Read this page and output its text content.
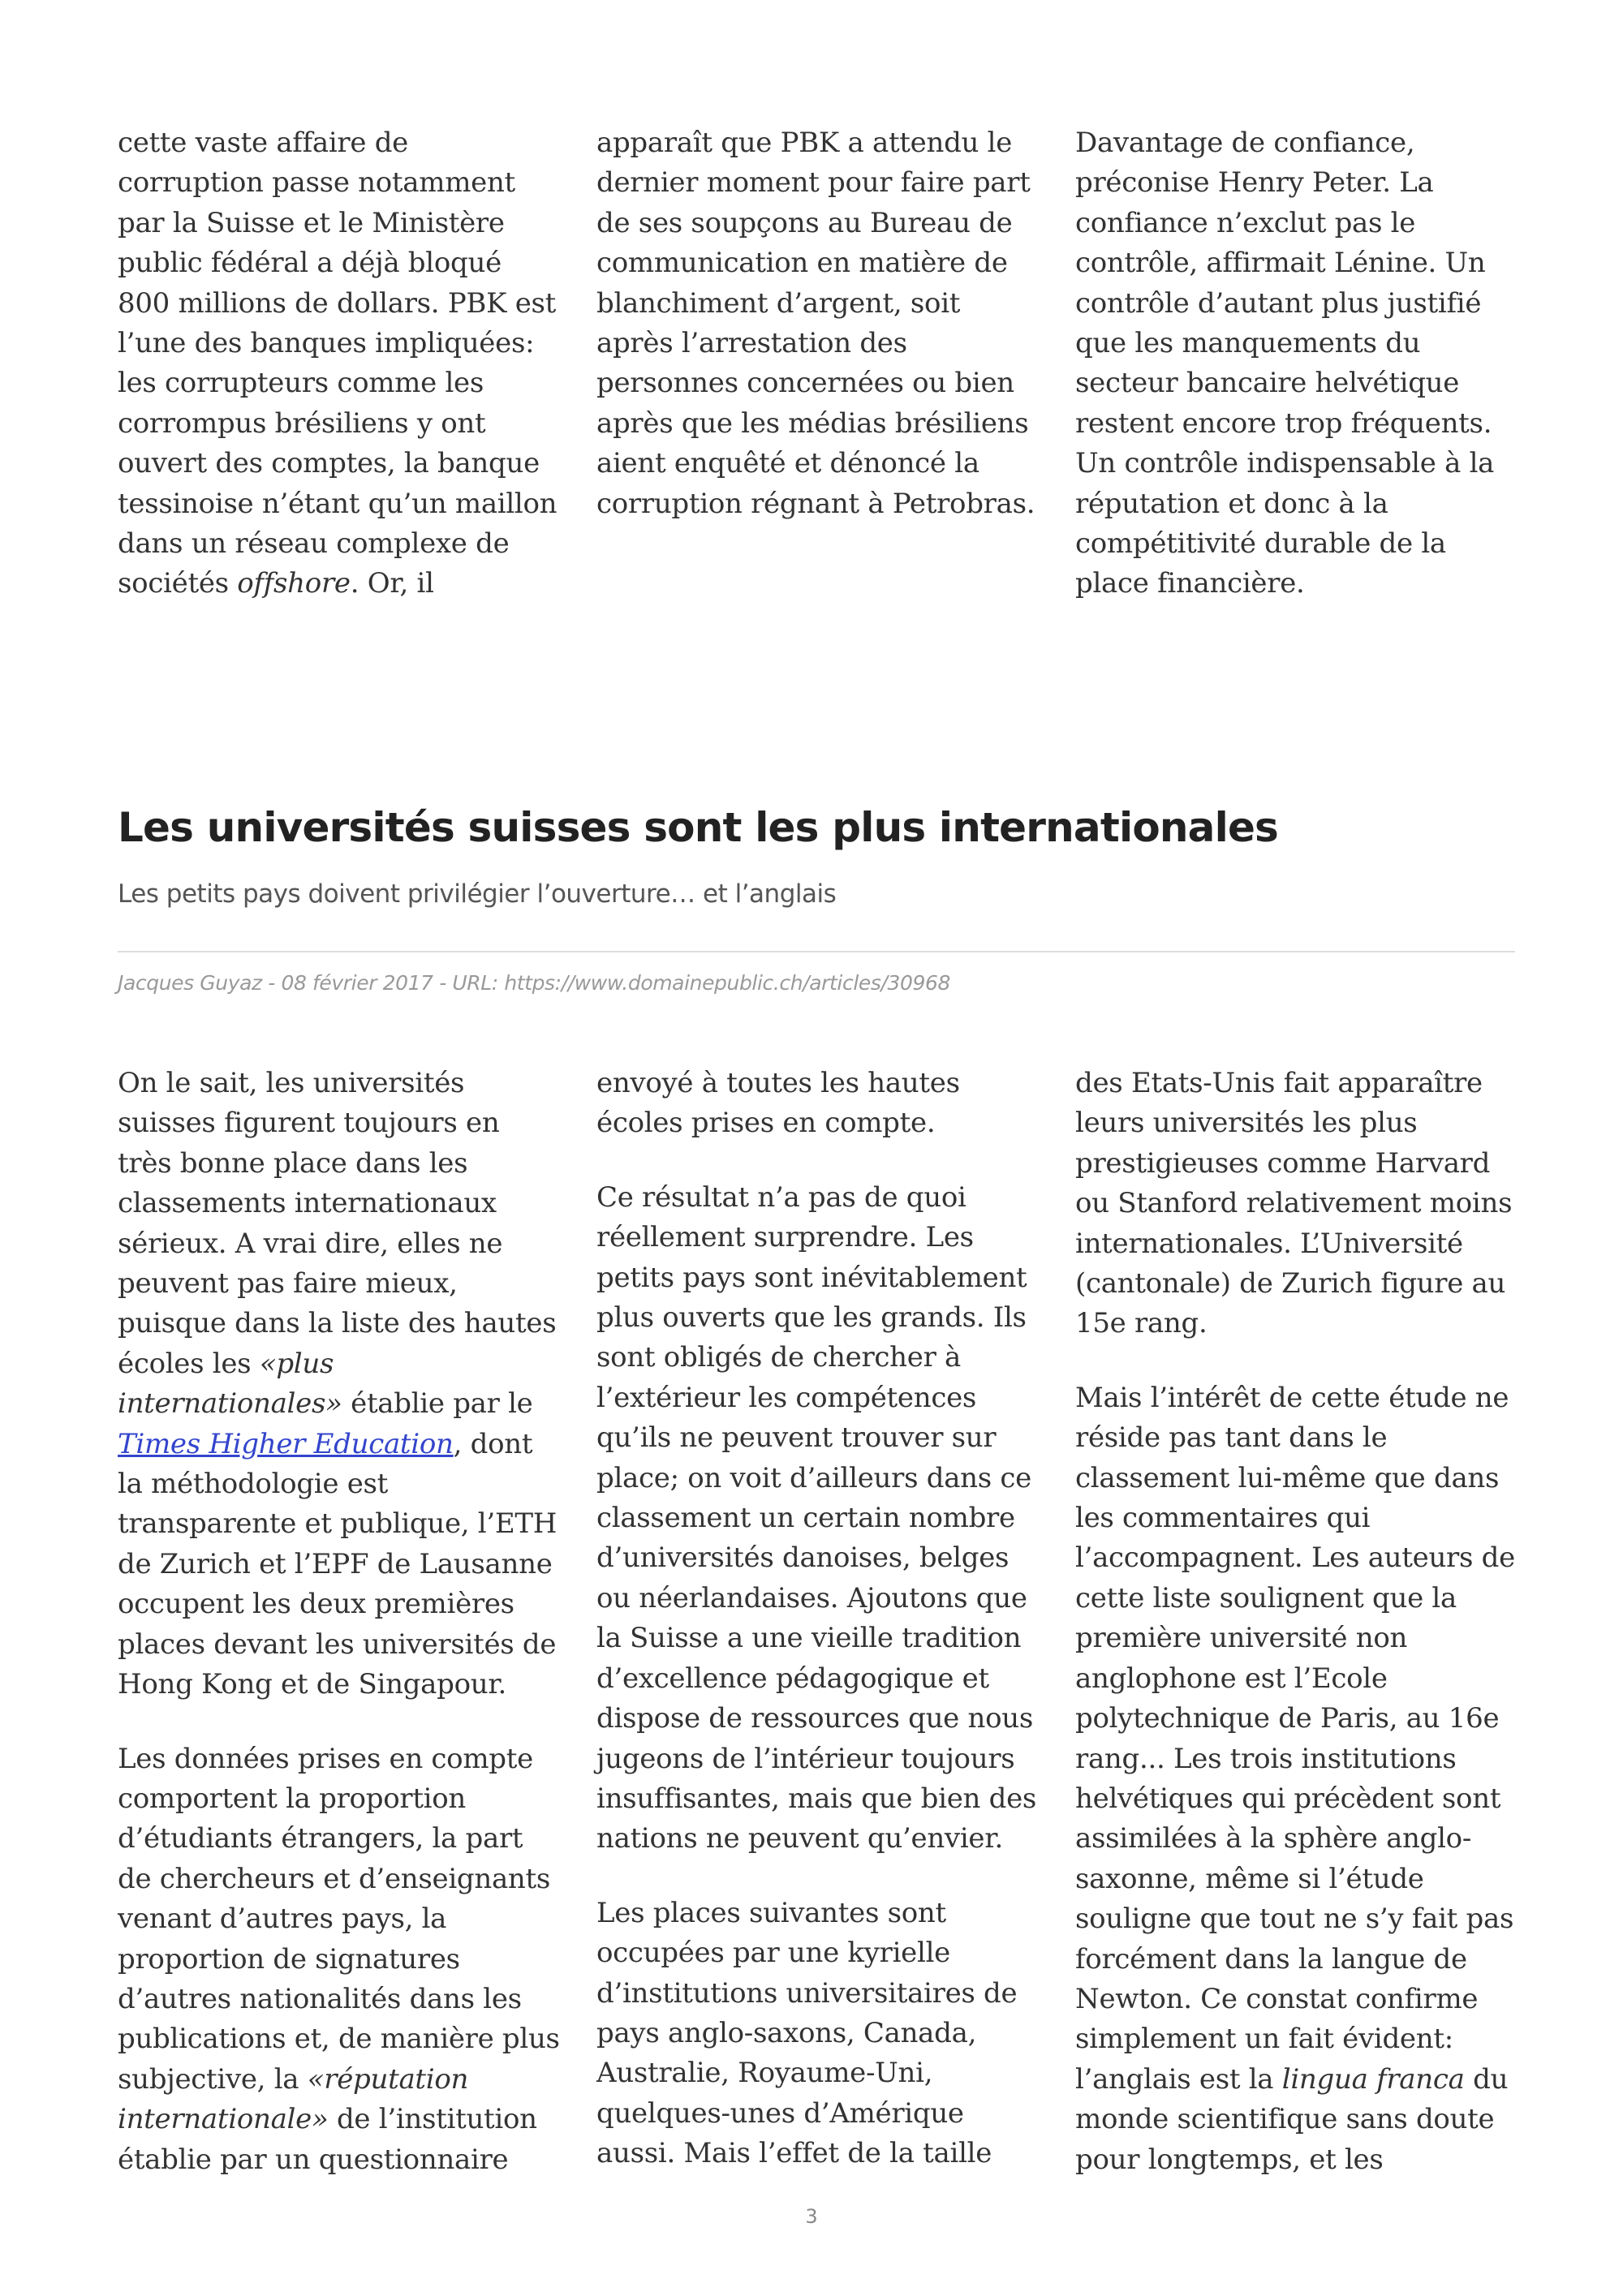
cette vaste affaire de corruption passe notamment par la Suisse et le Ministère public fédéral a déjà bloqué 800 millions de dollars. PBK est l’une des banques impliquées: les corrupteurs comme les corrompus brésiliens y ont ouvert des comptes, la banque tessinoise n’étant qu’un maillon dans un réseau complexe de sociétés offshore. Or, il

apparaît que PBK a attendu le dernier moment pour faire part de ses soupçons au Bureau de communication en matière de blanchiment d’argent, soit après l’arrestation des personnes concernées ou bien après que les médias brésiliens aient enquêté et dénoncé la corruption régnant à Petrobras.

Davantage de confiance, préconise Henry Peter. La confiance n’exclut pas le contrôle, affirmait Lénine. Un contrôle d’autant plus justifié que les manquements du secteur bancaire helvétique restent encore trop fréquents. Un contrôle indispensable à la réputation et donc à la compétitivité durable de la place financière.

Les universités suisses sont les plus internationales

Les petits pays doivent privilégier l’ouverture… et l’anglais

Jacques Guyaz - 08 février 2017 - URL: https://www.domainepublic.ch/articles/30968

On le sait, les universités suisses figurent toujours en très bonne place dans les classements internationaux sérieux. A vrai dire, elles ne peuvent pas faire mieux, puisque dans la liste des hautes écoles les «plus internationales» établie par le Times Higher Education, dont la méthodologie est transparente et publique, l’ETH de Zurich et l’EPF de Lausanne occupent les deux premières places devant les universités de Hong Kong et de Singapour.

Les données prises en compte comportent la proportion d’étudiants étrangers, la part de chercheurs et d’enseignants venant d’autres pays, la proportion de signatures d’autres nationalités dans les publications et, de manière plus subjective, la «réputation internationale» de l’institution établie par un questionnaire

envoyé à toutes les hautes écoles prises en compte.

Ce résultat n’a pas de quoi réellement surprendre. Les petits pays sont inévitablement plus ouverts que les grands. Ils sont obligés de chercher à l’extérieur les compétences qu’ils ne peuvent trouver sur place; on voit d’ailleurs dans ce classement un certain nombre d’universités danoises, belges ou néerlandaises. Ajoutons que la Suisse a une vieille tradition d’excellence pédagogique et dispose de ressources que nous jugeons de l’intérieur toujours insuffisantes, mais que bien des nations ne peuvent qu’envier.

Les places suivantes sont occupées par une kyrielle d’institutions universitaires de pays anglo-saxons, Canada, Australie, Royaume-Uni, quelques-unes d’Amérique aussi. Mais l’effet de la taille

des Etats-Unis fait apparaître leurs universités les plus prestigieuses comme Harvard ou Stanford relativement moins internationales. L’Université (cantonale) de Zurich figure au 15e rang.

Mais l’intérêt de cette étude ne réside pas tant dans le classement lui-même que dans les commentaires qui l’accompagnent. Les auteurs de cette liste soulignent que la première université non anglophone est l’Ecole polytechnique de Paris, au 16e rang... Les trois institutions helvétiques qui précèdent sont assimilées à la sphère anglo-saxonne, même si l’étude souligne que tout ne s’y fait pas forcément dans la langue de Newton. Ce constat confirme simplement un fait évident: l’anglais est la lingua franca du monde scientifique sans doute pour longtemps, et les

3
